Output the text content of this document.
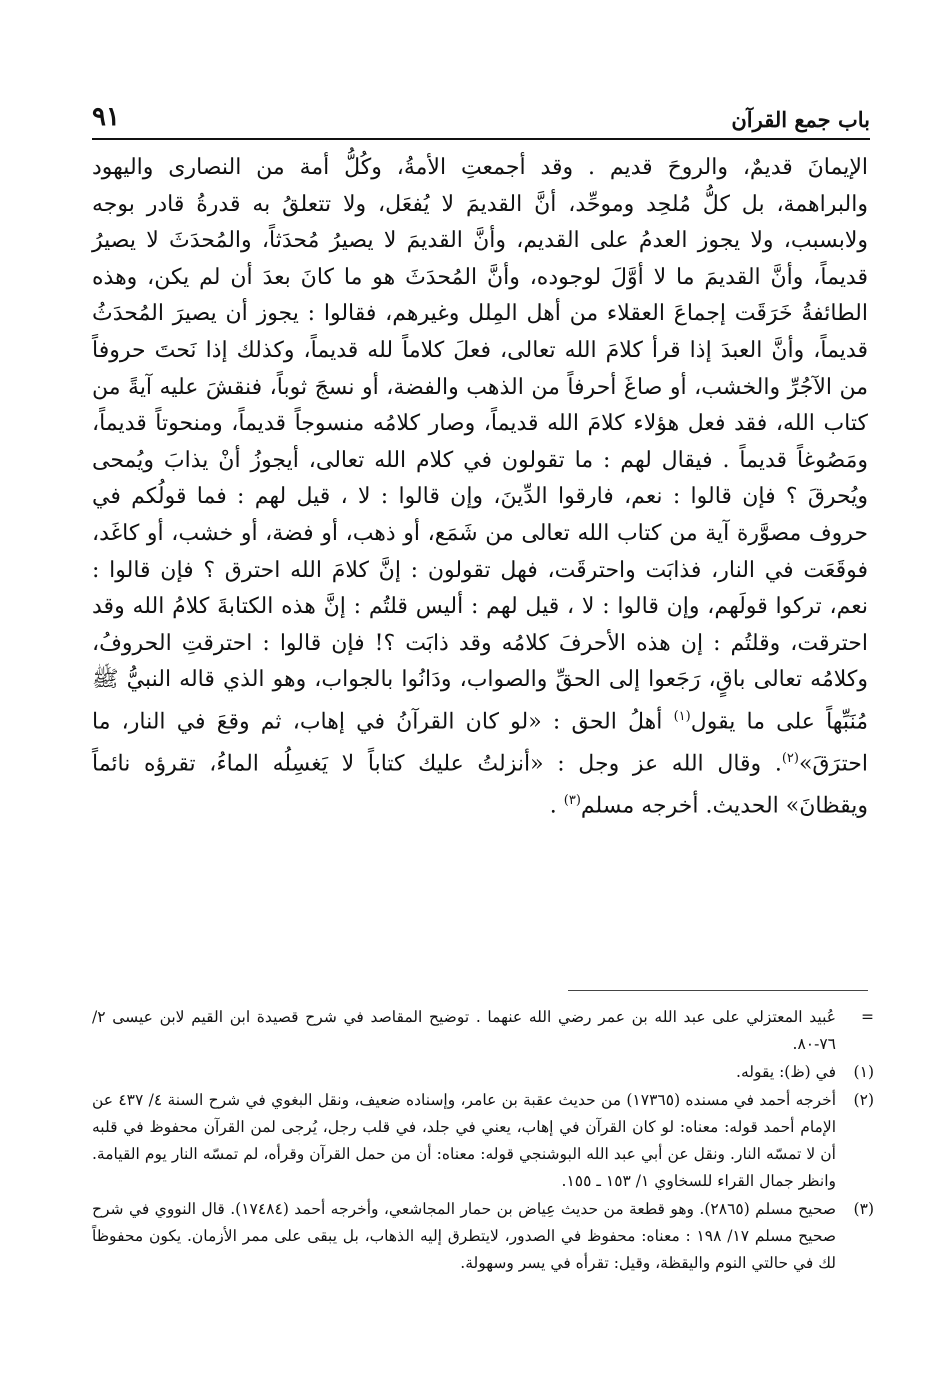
باب جمع القرآن
٩١

الإيمانَ قديمٌ، والروحَ قديم . وقد أجمعتِ الأمةُ، وكُلُّ أمة من النصارى واليهود والبراهمة، بل كلُّ مُلحِد وموحِّد، أنَّ القديمَ لا يُفعَل، ولا تتعلقُ به قدرةُ قادر بوجه ولابسبب، ولا يجوز العدمُ على القديم، وأنَّ القديمَ لا يصيرُ مُحدَثاً، والمُحدَثَ لا يصيرُ قديماً، وأنَّ القديمَ ما لا أوَّلَ لوجوده، وأنَّ المُحدَثَ هو ما كانَ بعدَ أن لم يكن، وهذه الطائفةُ خَرَقَت إجماعَ العقلاء من أهل المِلل وغيرهم، فقالوا : يجوز أن يصيرَ المُحدَثُ قديماً، وأنَّ العبدَ إذا قرأ كلامَ الله تعالى، فعلَ كلاماً لله قديماً، وكذلك إذا نَحتَ حروفاً من الآجُرِّ والخشب، أو صاغَ أحرفاً من الذهب والفضة، أو نسجَ ثوباً، فنقشَ عليه آيةً من كتاب الله، فقد فعل هؤلاء كلامَ الله قديماً، وصار كلامُه منسوجاً قديماً، ومنحوتاً قديماً، ومَصُوغاً قديماً . فيقال لهم : ما تقولون في كلام الله تعالى، أيجوزُ أنْ يذابَ ويُمحى ويُحرقَ ؟ فإن قالوا : نعم، فارقوا الدِّينَ، وإن قالوا : لا ، قيل لهم : فما قولُكم في حروف مصوَّرة آية من كتاب الله تعالى من شَمَع، أو ذهب، أو فضة، أو خشب، أو كاغَد، فوقَعَت في النار، فذابَت واحترقَت، فهل تقولون : إنَّ كلامَ الله احترق ؟ فإن قالوا : نعم، تركوا قولَهم، وإن قالوا : لا ، قيل لهم : أليس قلتُم : إنَّ هذه الكتابةَ كلامُ الله وقد احترقت، وقلتُم : إن هذه الأحرفَ كلامُه وقد ذابَت ؟! فإن قالوا : احترقتِ الحروفُ، وكلامُه تعالى باقٍ، رَجَعوا إلى الحقِّ والصواب، ودَانُوا بالجواب، وهو الذي قاله النبيُّ ﷺ مُنَبِّهاً على ما يقول$^{(١)}$ أهلُ الحق : «لو كان القرآنُ في إهاب، ثم وقعَ في النار، ما احترَقَ»$^{(٢)}$. وقال الله عز وجل : «أنزلتُ عليك كتاباً لا يَغسِلُه الماءُ، تقرؤه نائماً ويقظانَ» الحديث. أخرجه مسلم$^{(٣)}$ .

=
عُبيد المعتزلي على عبد الله بن عمر رضي الله عنهما . توضيح المقاصد في شرح قصيدة ابن القيم لابن عيسى ٢/ ٧٦-٨٠.
(١)
في (ظ): يقوله.
(٢)
أخرجه أحمد في مسنده (١٧٣٦٥) من حديث عقبة بن عامر، وإسناده ضعيف، ونقل البغوي في شرح السنة ٤/ ٤٣٧ عن الإمام أحمد قوله: معناه: لو كان القرآن في إهاب، يعني في جلد، في قلب رجل، يُرجى لمن القرآن محفوظ في قلبه أن لا تمسّه النار. ونقل عن أبي عبد الله البوشنجي قوله: معناه: أن من حمل القرآن وقرأه، لم تمسّه النار يوم القيامة. وانظر جمال القراء للسخاوي ١/ ١٥٣ ـ ١٥٥.
(٣)
صحيح مسلم (٢٨٦٥). وهو قطعة من حديث عِياض بن حمار المجاشعي، وأخرجه أحمد (١٧٤٨٤). قال النووي في شرح صحيح مسلم ١٧/ ١٩٨ : معناه: محفوظ في الصدور، لايتطرق إليه الذهاب، بل يبقى على ممر الأزمان. يكون محفوظاً لك في حالتي النوم واليقظة، وقيل: تقرأه في يسر وسهولة.
